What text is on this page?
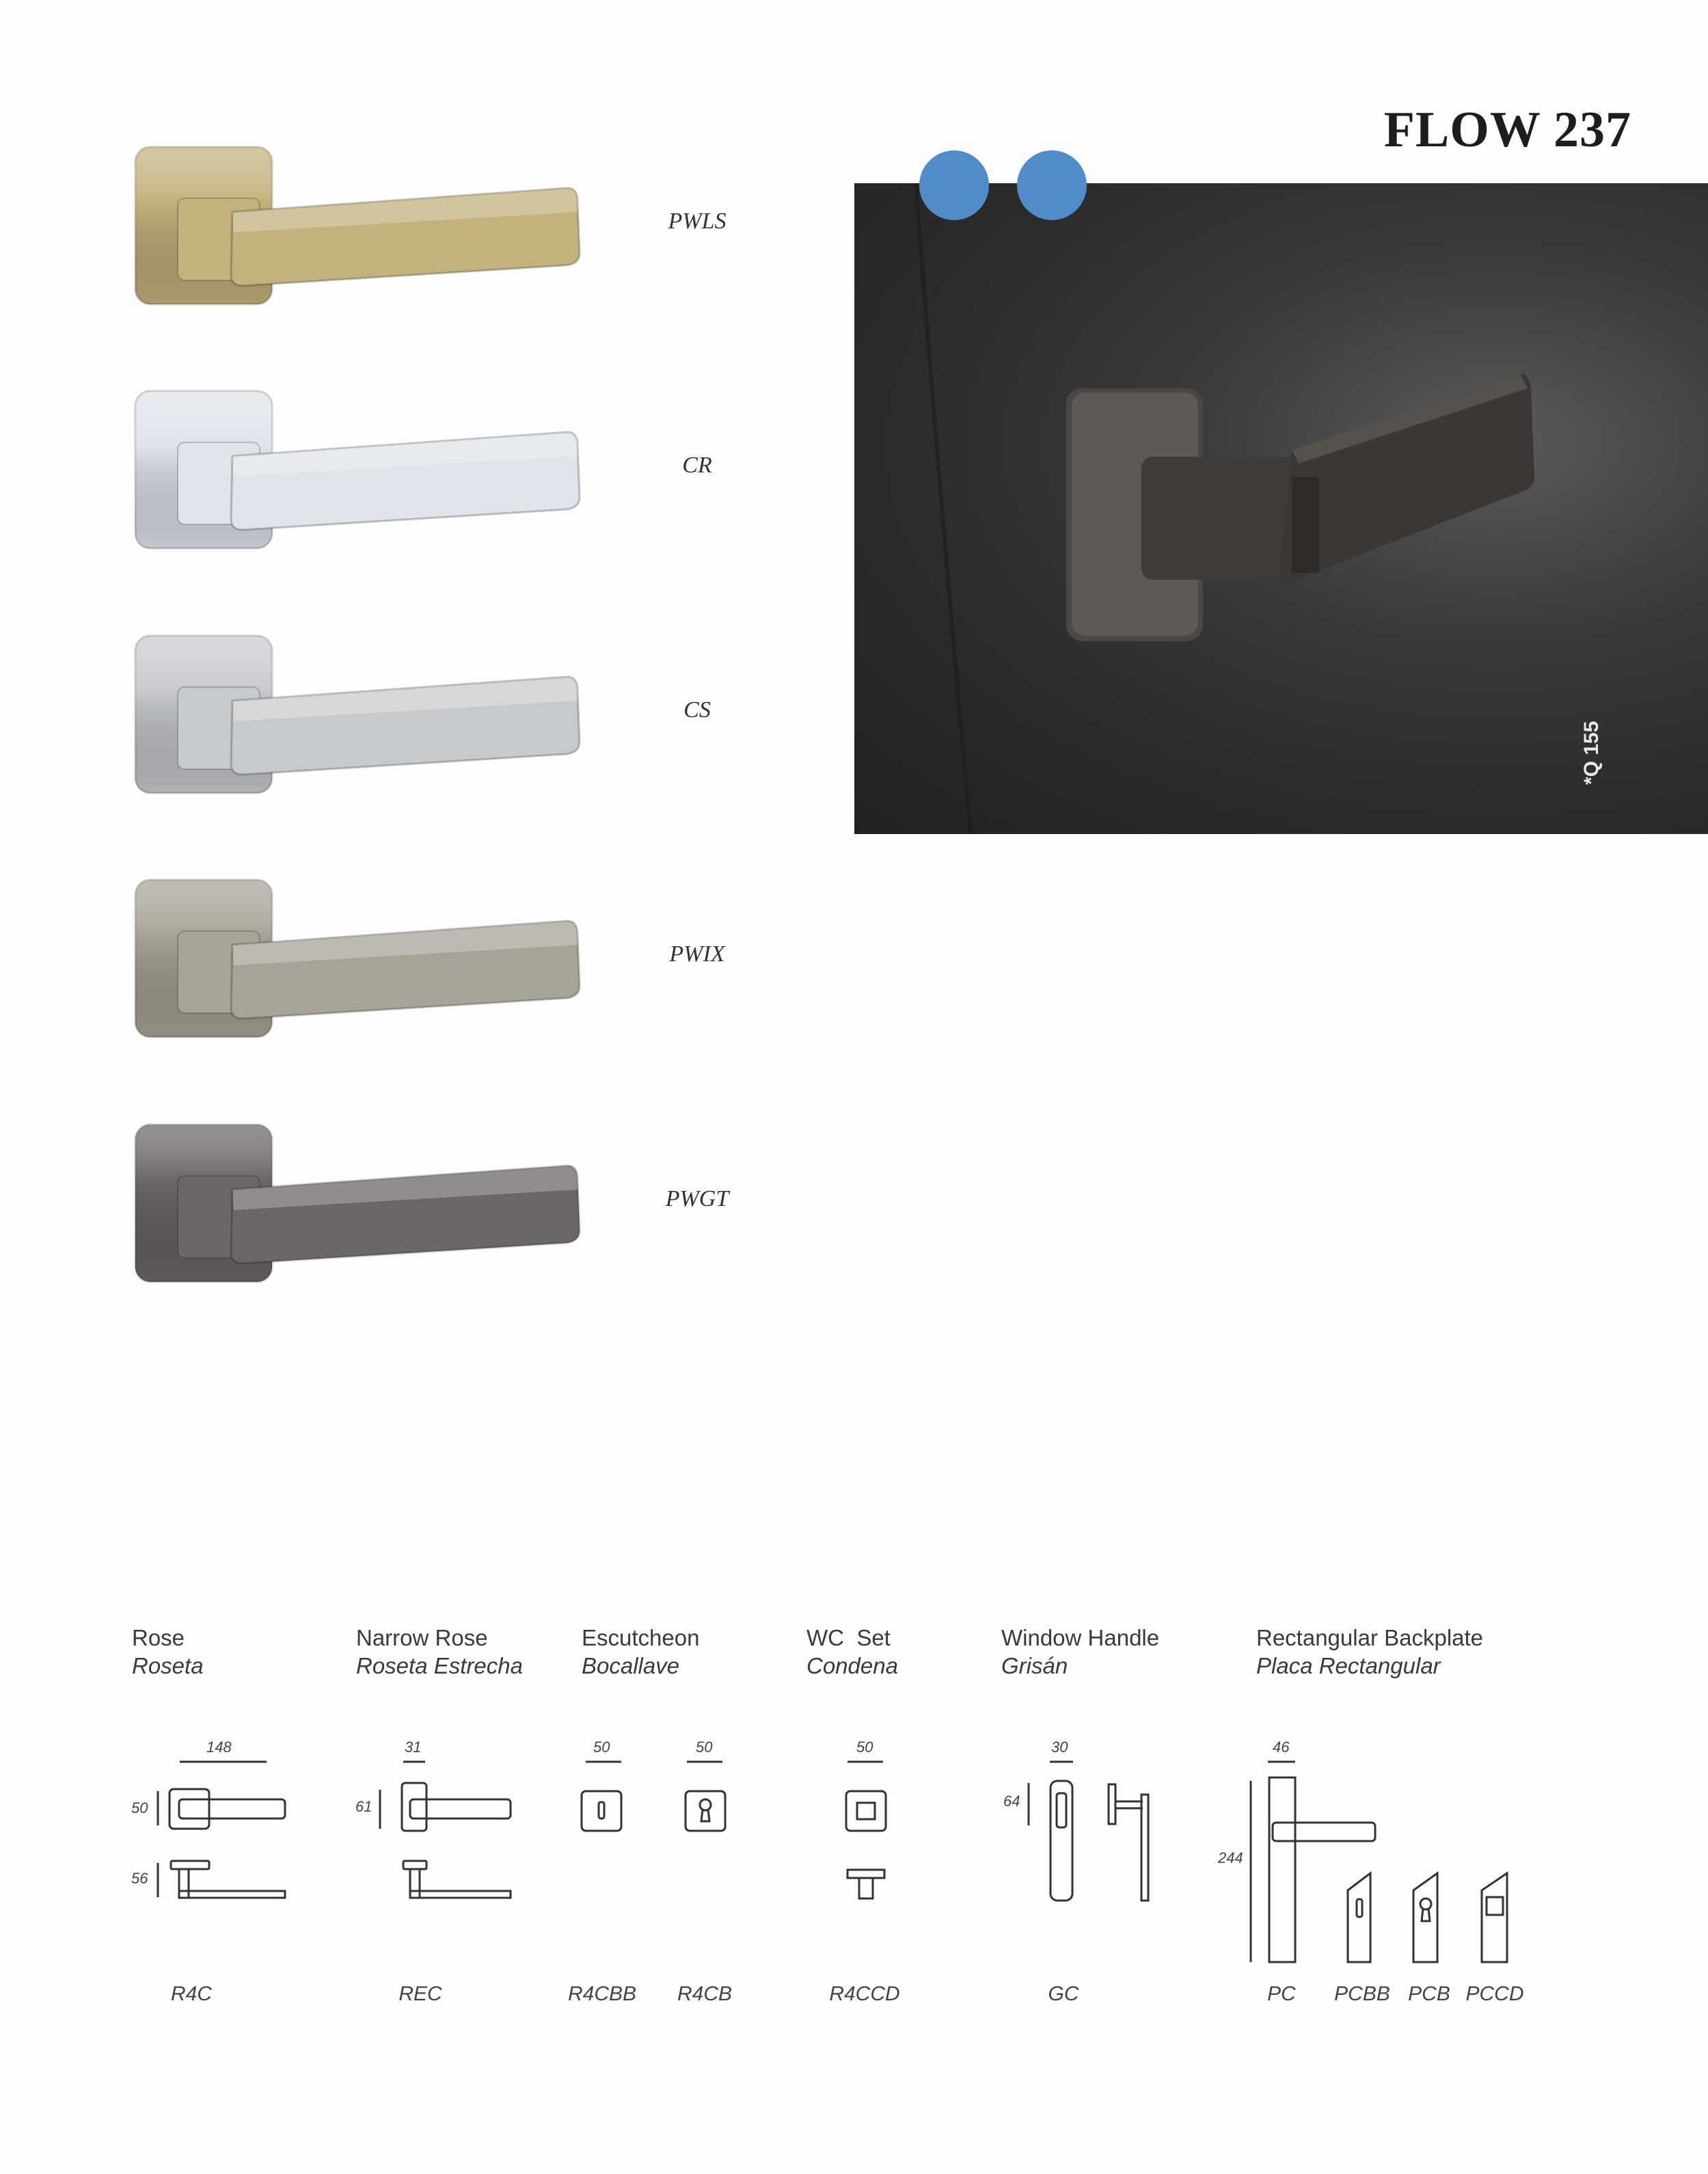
FLOW 237
*Q 155
PWLS
CR
CS
PWIX
PWGT
Rose
Roseta
Narrow Rose
Roseta Estrecha
Escutcheon
Bocallave
WC  Set
Condena
Window Handle
Grisán
Rectangular Backplate
Placa Rectangular
148
50
56
31
61
50	50	50	30
64
46
244
R4C	REC	R4CBB R4CB	R4CCD	GC	PC PCBB PCB PCCD
